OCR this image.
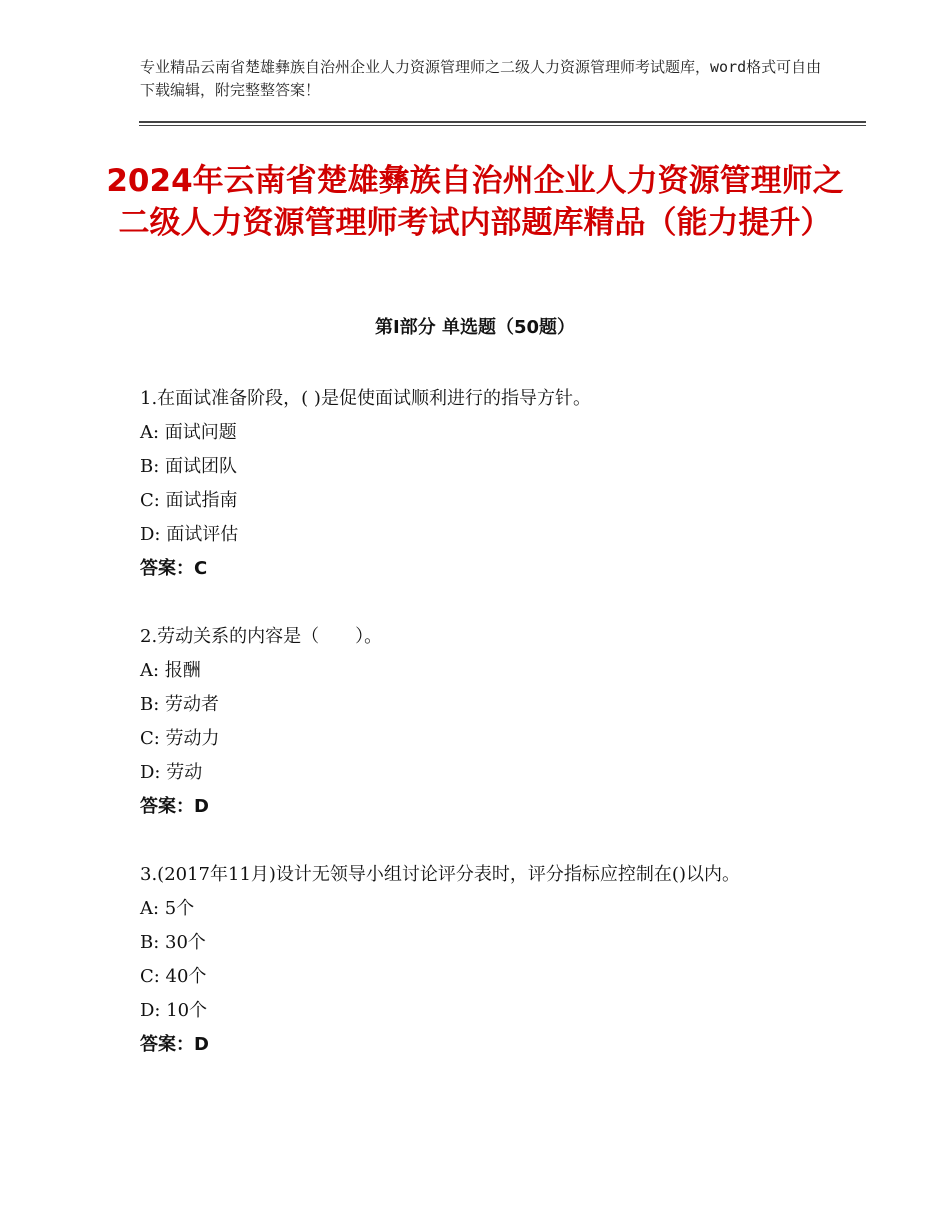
专业精品云南省楚雄彝族自治州企业人力资源管理师之二级人力资源管理师考试题库，word格式可自由下载编辑，附完整整答案！
2024年云南省楚雄彝族自治州企业人力资源管理师之二级人力资源管理师考试内部题库精品（能力提升）
第Ⅰ部分 单选题（50题）

1.在面试准备阶段，( )是促使面试顺利进行的指导方针。

A: 面试问题

B: 面试团队

C: 面试指南

D: 面试评估

答案：C

2.劳动关系的内容是（　　）。

A: 报酬

B: 劳动者

C: 劳动力

D: 劳动

答案：D

3.(2017年11月)设计无领导小组讨论评分表时，评分指标应控制在()以内。

A: 5个

B: 30个

C: 40个

D: 10个

答案：D
